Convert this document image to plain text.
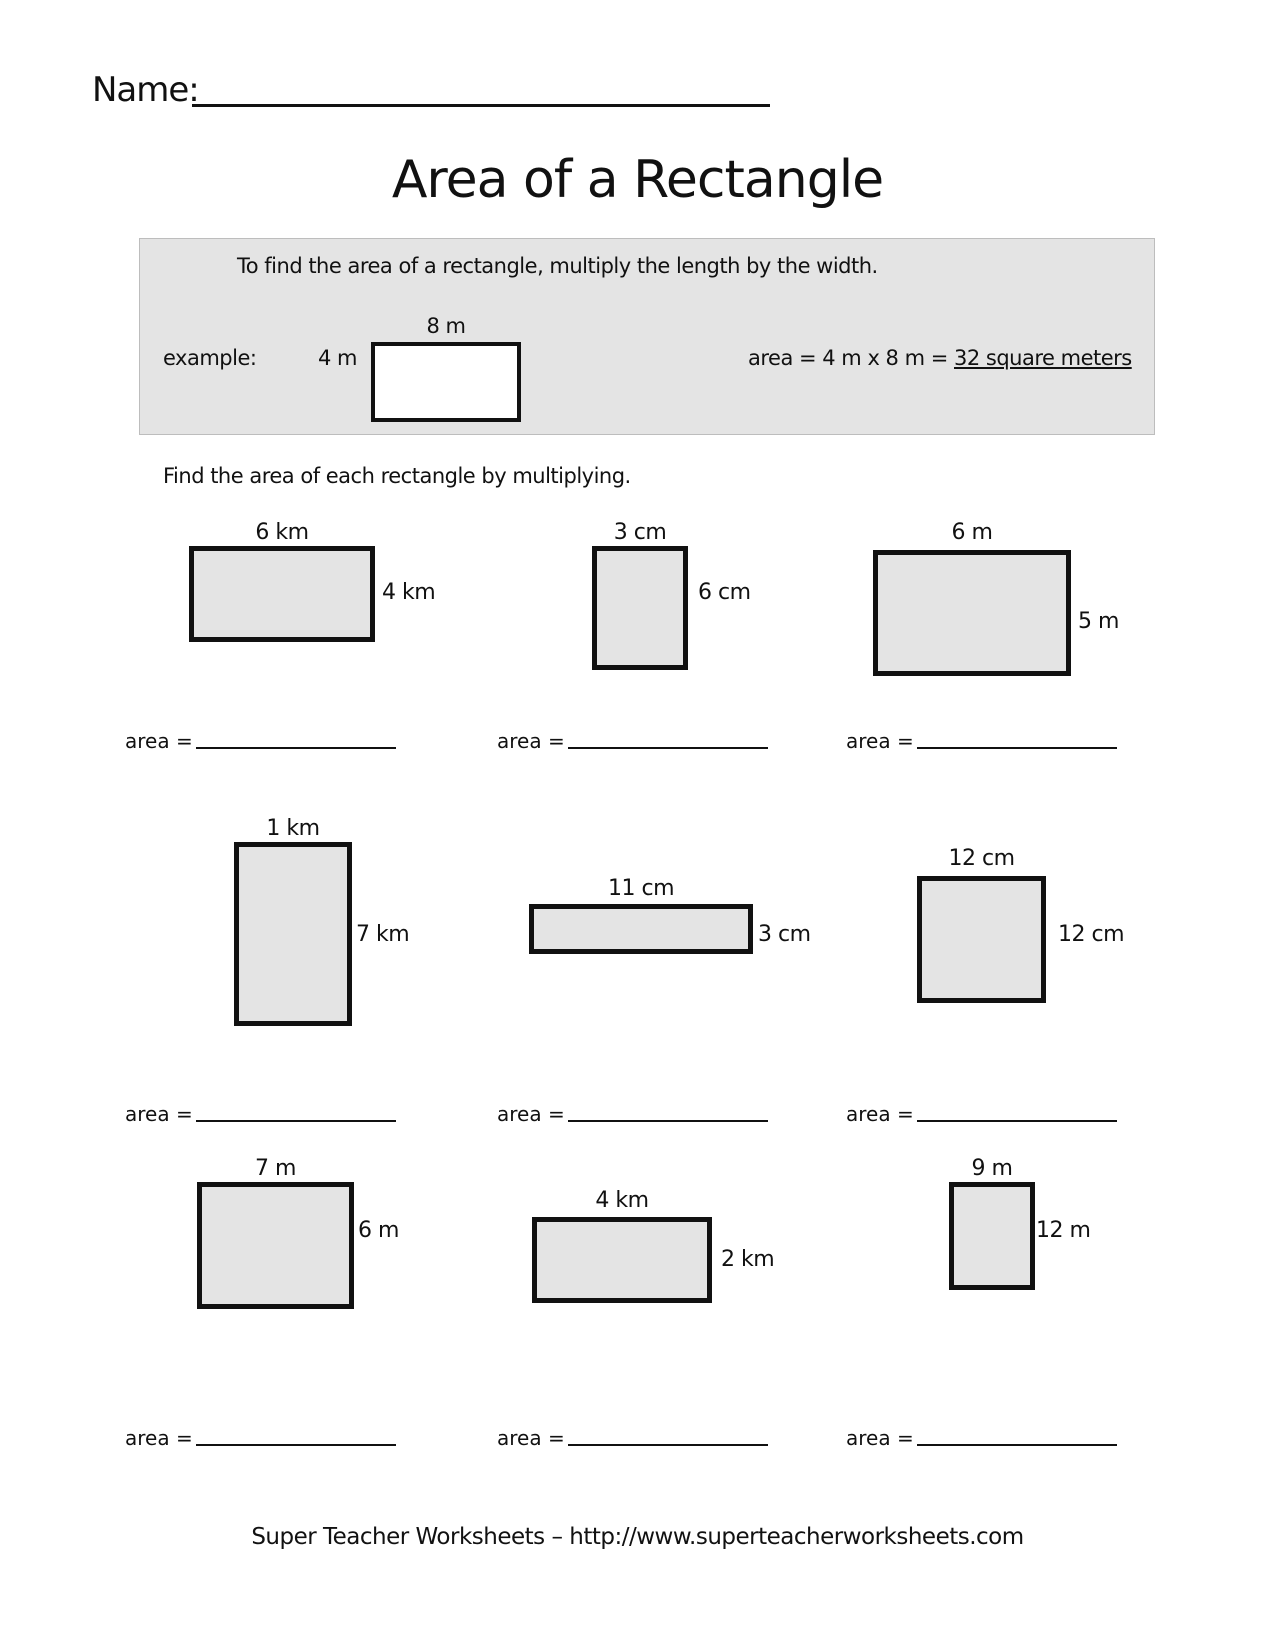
Name:
Area of a Rectangle
To find the area of a rectangle, multiply the length by the width.
example:
8 m
4 m	area = 4 m x 8 m = 32 square meters
Find the area of each rectangle by multiplying.
6 km
4 km
3 cm
6 cm
6 m
5 m
area =	area =	area =
1 km
7 km
11 cm
3 cm
12 cm
12 cm
area =	area =	area =
7 m
6 m
4 km
2 km
9 m
12 m
area =	area =	area =
Super Teacher Worksheets – http://www.superteacherworksheets.com
